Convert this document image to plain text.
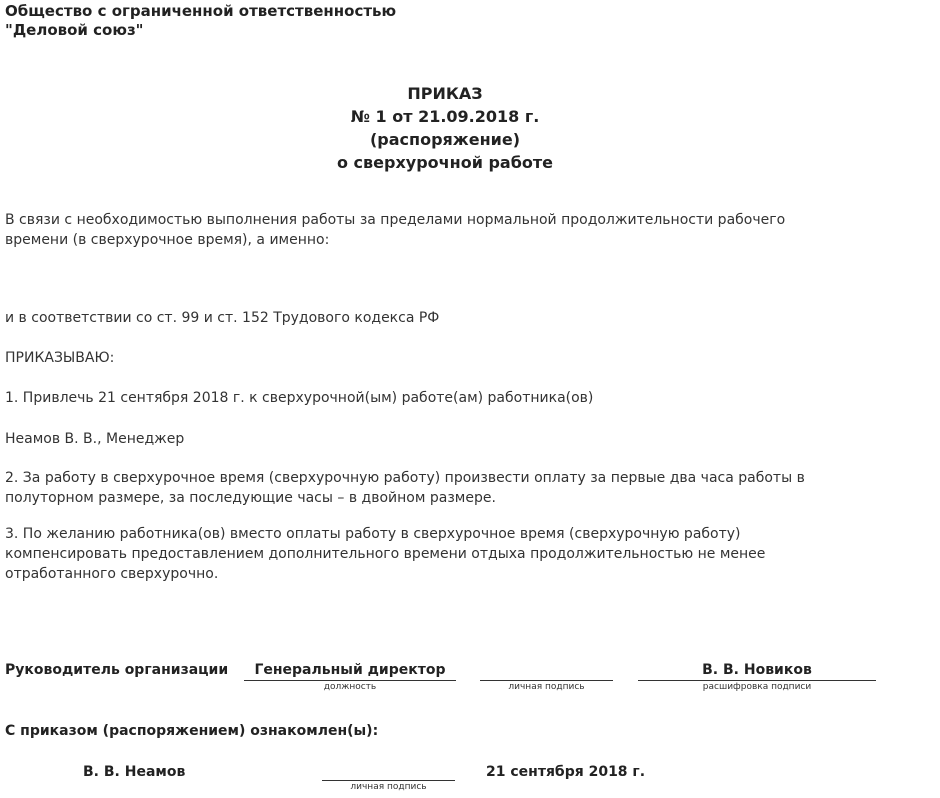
Общество с ограниченной ответственностью
"Деловой союз"
ПРИКАЗ
№ 1 от 21.09.2018 г.
(распоряжение)
о сверхурочной работе
В связи с необходимостью выполнения работы за пределами нормальной продолжительности рабочего
времени (в сверхурочное время), а именно:
и в соответствии со ст. 99 и ст. 152 Трудового кодекса РФ
ПРИКАЗЫВАЮ:
1. Привлечь 21 сентября 2018 г. к сверхурочной(ым) работе(ам) работника(ов)
Неамов В. В., Менеджер
2. За работу в сверхурочное время (сверхурочную работу) произвести оплату за первые два часа работы в
полуторном размере, за последующие часы – в двойном размере.
3. По желанию работника(ов) вместо оплаты работу в сверхурочное время (сверхурочную работу)
компенсировать предоставлением дополнительного времени отдыха продолжительностью не менее
отработанного сверхурочно.
Руководитель организации	Генеральный директор
должность	личная подпись
В. В. Новиков
расшифровка подписи
С приказом (распоряжением) ознакомлен(ы):
В. В. Неамов
личная подпись
21 сентября 2018 г.
